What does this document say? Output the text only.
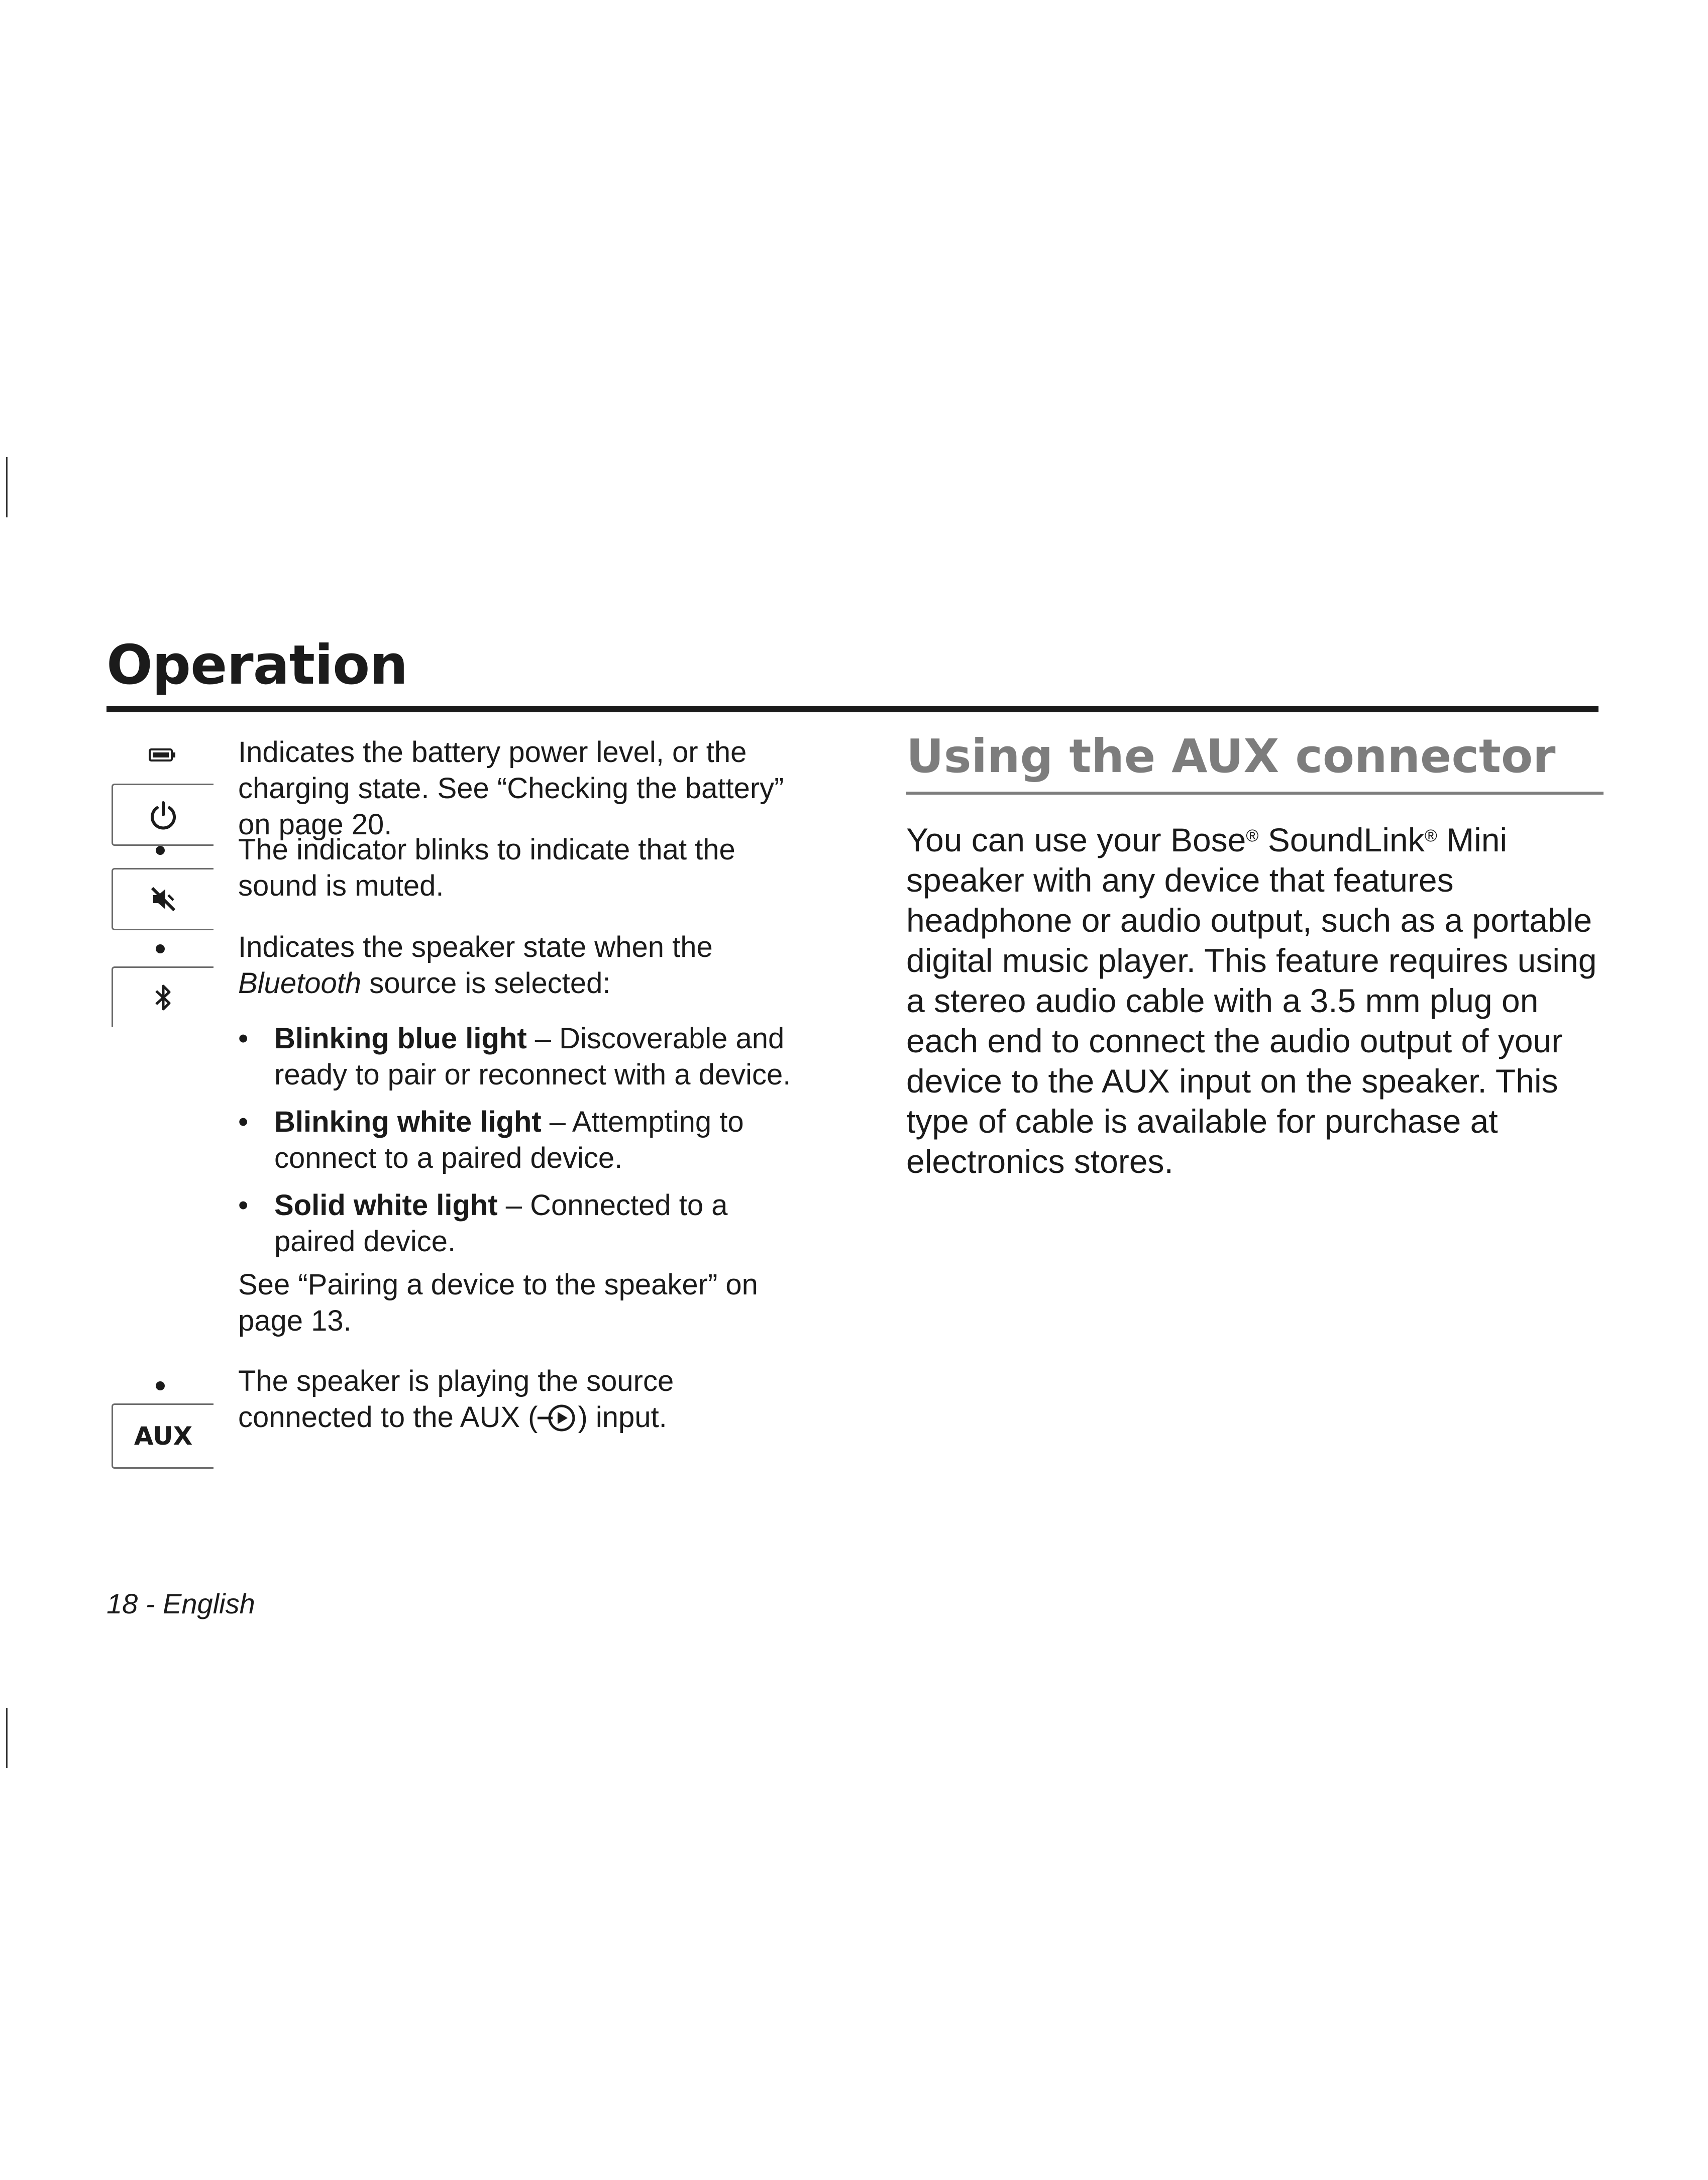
Operation
AUX

Indicates the battery power level, or the charging state. See “Checking the battery” on page 20.

The indicator blinks to indicate that the sound is muted.

Indicates the speaker state when the Bluetooth source is selected:

• Blinking blue light – Discoverable and ready to pair or reconnect with a device.
• Blinking white light – Attempting to connect to a paired device.
• Solid white light – Connected to a paired device.

See “Pairing a device to the speaker” on page 13.

The speaker is playing the source connected to the AUX ( ) input.

Using the AUX connector

You can use your Bose® SoundLink® Mini speaker with any device that features headphone or audio output, such as a portable digital music player. This feature requires using a stereo audio cable with a 3.5 mm plug on each end to connect the audio output of your device to the AUX input on the speaker. This type of cable is available for purchase at electronics stores.

18 - English
